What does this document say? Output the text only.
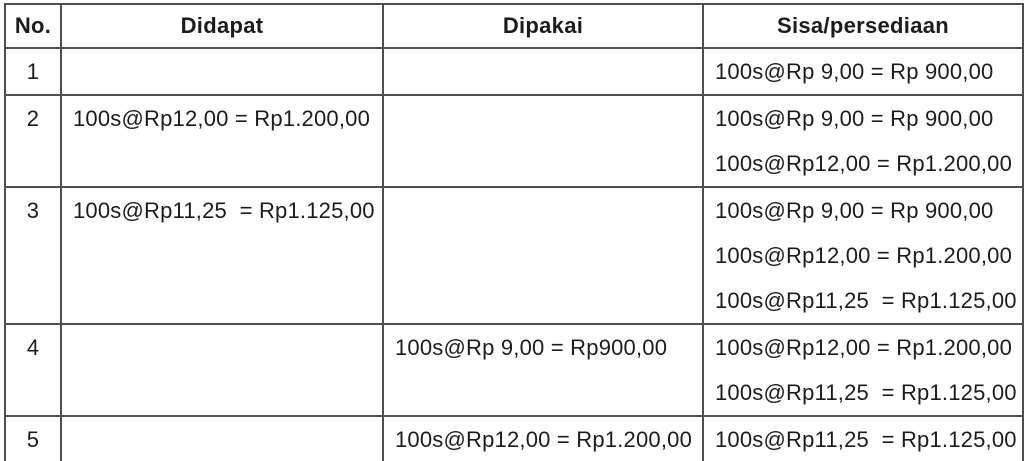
No.	Didapat	Dipakai	Sisa/persediaan

1			100s@Rp 9,00 = Rp 900,00

2	100s@Rp12,00 = Rp1.200,00		100s@Rp 9,00 = Rp 900,00
100s@Rp12,00 = Rp1.200,00

3	100s@Rp11,25  = Rp1.125,00		100s@Rp 9,00 = Rp 900,00
100s@Rp12,00 = Rp1.200,00
100s@Rp11,25  = Rp1.125,00

4		100s@Rp 9,00 = Rp900,00	100s@Rp12,00 = Rp1.200,00
100s@Rp11,25  = Rp1.125,00

5		100s@Rp12,00 = Rp1.200,00	100s@Rp11,25  = Rp1.125,00
